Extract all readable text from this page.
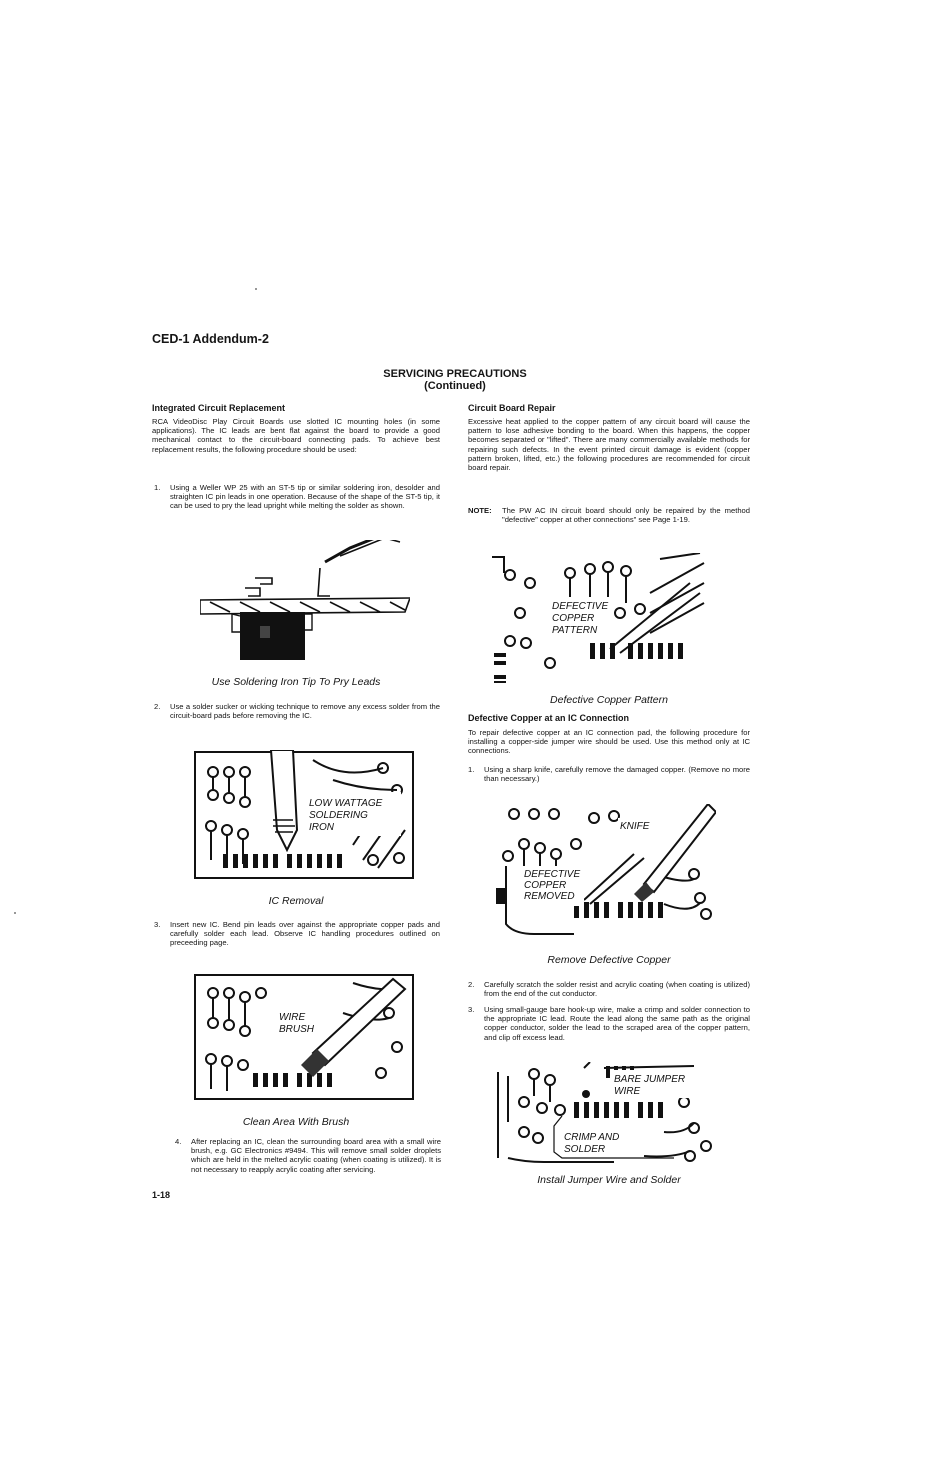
CED-1 Addendum-2
SERVICING PRECAUTIONS
(Continued)
Integrated Circuit Replacement
RCA VideoDisc Play Circuit Boards use slotted IC mounting holes (in some applications). The IC leads are bent flat against the board to provide a good mechanical contact to the circuit-board connecting pads. To achieve best replacement results, the following procedure should be used:
1. Using a Weller WP 25 with an ST-5 tip or similar soldering iron, desolder and straighten IC pin leads in one operation. Because of the shape of the ST-5 tip, it can be used to pry the lead upright while melting the solder as shown.
Use Soldering Iron Tip To Pry Leads
2. Use a solder sucker or wicking technique to remove any excess solder from the circuit-board pads before removing the IC.
LOW WATTAGE
SOLDERING
IRON
IC Removal
3. Insert new IC. Bend pin leads over against the appropriate copper pads and carefully solder each lead. Observe IC handling procedures outlined on preceeding page.
WIRE
BRUSH
Clean Area With Brush
4. After replacing an IC, clean the surrounding board area with a small wire brush, e.g. GC Electronics #9494. This will remove small solder droplets which are held in the melted acrylic coating (when coating is utilized). It is not necessary to reapply acrylic coating after servicing.
1-18
Circuit Board Repair
Excessive heat applied to the copper pattern of any circuit board will cause the pattern to lose adhesive bonding to the board. When this happens, the copper becomes separated or "lifted". There are many commercially available methods for repairing such defects. In the event printed circuit damage is evident (copper pattern broken, lifted, etc.) the following procedures are recommended for circuit board repair.
NOTE: The PW AC IN circuit board should only be repaired by the method "defective" copper at other connections" see Page 1-19.
DEFECTIVE
COPPER
PATTERN
Defective Copper Pattern
Defective Copper at an IC Connection
To repair defective copper at an IC connection pad, the following procedure for installing a copper-side jumper wire should be used. Use this method only at IC connections.
1. Using a sharp knife, carefully remove the damaged copper. (Remove no more than necessary.)
KNIFE
DEFECTIVE
COPPER
REMOVED
Remove Defective Copper
2. Carefully scratch the solder resist and acrylic coating (when coating is utilized) from the end of the cut conductor.
3. Using small-gauge bare hook-up wire, make a crimp and solder connection to the appropriate IC lead. Route the lead along the same path as the original copper conductor, solder the lead to the scraped area of the copper pattern, and clip off excess lead.
BARE JUMPER
WIRE
CRIMP AND
SOLDER
Install Jumper Wire and Solder
